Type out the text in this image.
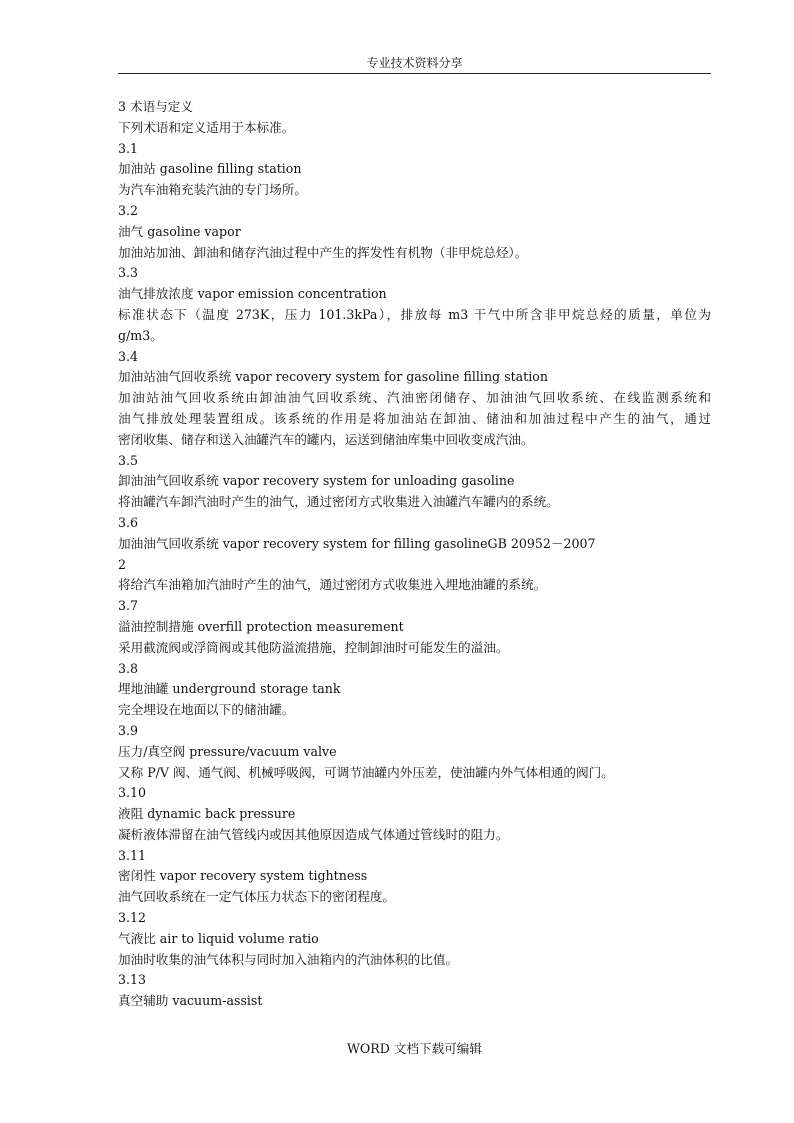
专业技术资料分享
3 术语与定义
下列术语和定义适用于本标准。
3.1
加油站 gasoline filling station
为汽车油箱充装汽油的专门场所。
3.2
油气 gasoline vapor
加油站加油、卸油和储存汽油过程中产生的挥发性有机物（非甲烷总烃）。
3.3
油气排放浓度 vapor emission concentration
标准状态下（温度 273K，压力 101.3kPa），排放每 m3 干气中所含非甲烷总烃的质量，单位为
g/m3。
3.4
加油站油气回收系统 vapor recovery system for gasoline filling station
加油站油气回收系统由卸油油气回收系统、汽油密闭储存、加油油气回收系统、在线监测系统和
油气排放处理装置组成。该系统的作用是将加油站在卸油、储油和加油过程中产生的油气，通过
密闭收集、储存和送入油罐汽车的罐内，运送到储油库集中回收变成汽油。
3.5
卸油油气回收系统 vapor recovery system for unloading gasoline
将油罐汽车卸汽油时产生的油气，通过密闭方式收集进入油罐汽车罐内的系统。
3.6
加油油气回收系统 vapor recovery system for filling gasolineGB 20952－2007
2
将给汽车油箱加汽油时产生的油气，通过密闭方式收集进入埋地油罐的系统。
3.7
溢油控制措施 overfill protection measurement
采用截流阀或浮筒阀或其他防溢流措施，控制卸油时可能发生的溢油。
3.8
埋地油罐 underground storage tank
完全埋设在地面以下的储油罐。
3.9
压力/真空阀 pressure/vacuum valve
又称 P/V 阀、通气阀、机械呼吸阀，可调节油罐内外压差，使油罐内外气体相通的阀门。
3.10
液阻 dynamic back pressure
凝析液体滞留在油气管线内或因其他原因造成气体通过管线时的阻力。
3.11
密闭性 vapor recovery system tightness
油气回收系统在一定气体压力状态下的密闭程度。
3.12
气液比 air to liquid volume ratio
加油时收集的油气体积与同时加入油箱内的汽油体积的比值。
3.13
真空辅助 vacuum-assist
WORD 文档下载可编辑
